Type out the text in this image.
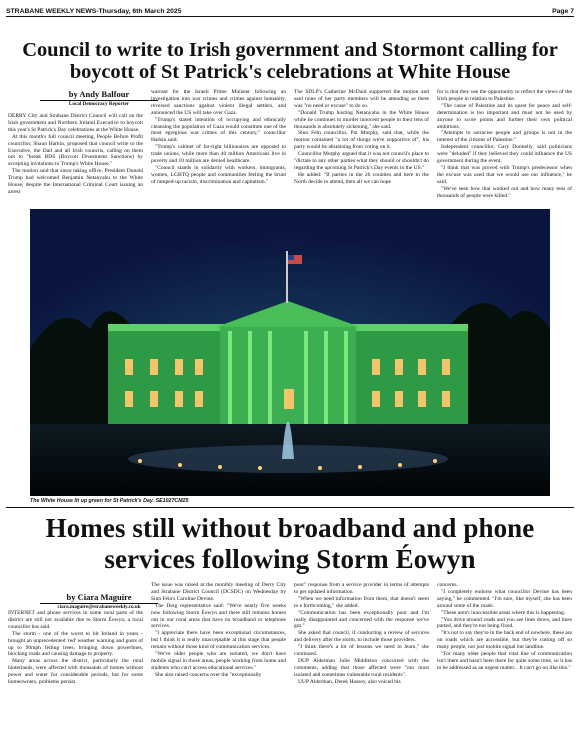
STRABANE WEEKLY NEWS-Thursday, 6th March 2025	Page 7
Council to write to Irish government and Stormont calling for boycott of St Patrick's celebrations at White House
by Andy Balfour
Local Democracy Reporter

DERRY City and Strabane District Council will call on the Irish government and Northern Ireland Executive to boycott this year's St Patrick's Day celebrations at the White House.

At this month's full council meeting, People Before Profit councillor, Shaun Harkin, proposed that council write to the Executive, the Dail and all Irish councils, calling on them not to "break BDS (Boycott Divestment Sanctions) by accepting invitations to Trump's White House."

The motion said that since taking office, President Donald Trump had welcomed Benjamin Netanyahu to the White House, despite the International Criminal Court issuing an arrest

warrant for the Israeli Prime Minister following an investigation into war crimes and crimes against humanity, reversed sanctions against violent illegal settlers, and announced the US will take over Gaza.

"Trump's stated intention of occupying and ethnically cleansing the population of Gaza would constitute one of the most egregious war crimes of this century," councillor Harkin said.

"Trump's cabinet of far-right billionaires are opposed to trade unions, while more than 40 million Americans live in poverty and 10 million are denied healthcare.

"Council stands in solidarity with workers, immigrants, women, LGBTQ people and communities feeling the brunt of ramped-up racism, discrimination and capitalism."

The SDLP's Catherine McDaid supported the motion and said none of her party members will be attending as there was "no need or excuse" to do so.

"Donald Trump hosting Netanyahu in the White House while he continues to murder innocent people in their tens of thousands is absolutely sickening," she said.

Sinn Féin councillor, Pat Murphy, said that, while the motion contained "a lot of things we're supportive of", his party would be abstaining from voting on it.

Councillor Murphy argued that it was not council's place to "dictate to any other parties what they should or shouldn't do regarding the upcoming St Patrick's Day events in the US."

He added: "If parties in the 26 counties and here in the North decide to attend, then all we can hope

for is that they use the opportunity to reflect the views of the Irish people in relation to Palestine.

"The cause of Palestine and its quest for peace and self-determination is too important and must not be used by anyone to score points and further their own political ambitions.

"Attempts to ostracise people and groups is not in the interest of the citizens of Palestine."

Independent councillor, Gary Donnelly, said politicians were "deluded" if they believed they could influence the US government during the event.

"I think that was proved with Trump's predecessor when the excuse was used that we would use our influence," he said.

"We've seen how that worked out and how many tens of thousands of people were killed."

The White House lit up green for St Patrick's Day. SE1027CM25
Homes still without broadband and phone services following Storm Éowyn
by Ciara Maguire
ciara.maguire@strabaneweekly.co.uk

INTERNET and phone services in some rural parts of the district are still not available due to Storm Éowyn, a local councillor has said.

The storm - one of the worst to hit Ireland in years - brought an unprecedented 'red' weather warning and gusts of up to 90mph felling trees, bringing down powerlines, blocking roads and causing damage to property.

Many areas across the district, particularly the rural hinterlands, were affected with thousands of homes without power and water for considerable periods, but for some homeowners, problems persist.

The issue was raised at the monthly meeting of Derry City and Strabane District Council (DCSDC) on Wednesday by Sinn Féin's Caroline Devine.

The Derg representative said: "We're nearly five weeks now following Storm Éowyn and there still remains homes out in our rural areas that have no broadband or telephone services.

"I appreciate there have been exceptional circumstances, but I think it is really unacceptable at this stage that people remain without those kind of communication services.

"We've older people who are isolated, we don't have mobile signal in those areas, people working from home and students who can't access educational services."

She also raised concerns over the "exceptionally

poor" response from a service provider in terms of attempts to get updated information.

"When we need information from them, that doesn't seem to e forthcoming," she added.

"Communication has been exceptionally poor and I'm really disappointed and concerned with the response we've got."

She asked that council, if conducting a review of services and delivery after the storm, to include those providers.

"I think there's a lot of lessons we need to learn," she continued.

DUP Alderman Julie Middleton concurred with the comments, adding that those affected were "our most isolated and sometimes vulnerable rural residents".

UUP Alderman, Derek Hussey, also voiced his

concerns.

"I completely endorse what councillor Devine has been saying," he commented. "I'm sure, like myself, she has been around some of the roads.

"These aren't inaccessible areas where this is happening.

"You drive around roads and you see lines down, and lines parted, and they're not being fixed.

"It's not to say they're in the back end of nowhere, these are on roads which are accessible, but they're cutting off so many people, not just mobile signal but landline.

"For many older people that vital line of communication isn't there and hasn't been there for quite some time, so it has to be addressed as an urgent matter... It can't go on like this."
